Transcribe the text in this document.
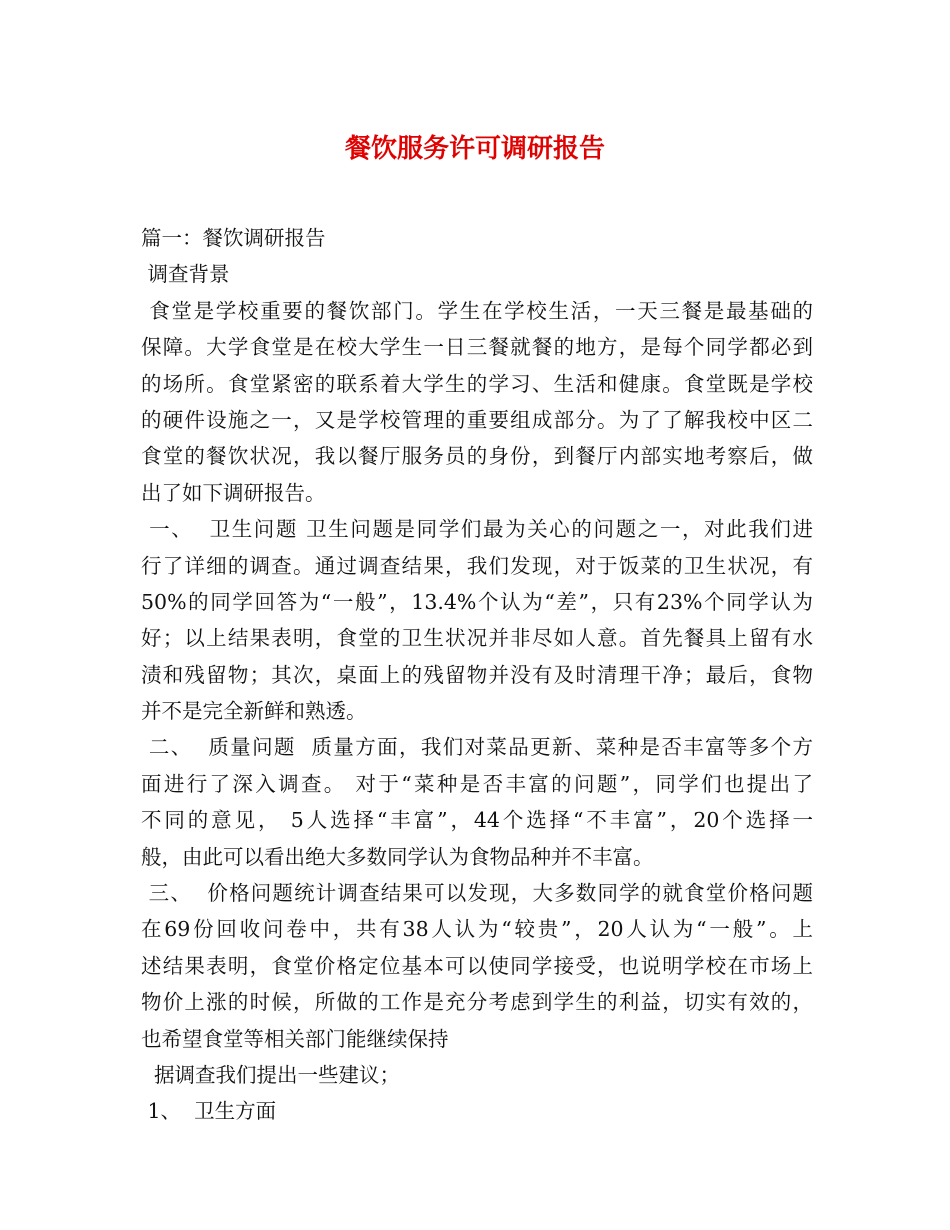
餐饮服务许可调研报告
篇一：餐饮调研报告
调查背景
食堂是学校重要的餐饮部门。学生在学校生活，一天三餐是最基础的
保障。大学食堂是在校大学生一日三餐就餐的地方，是每个同学都必到
的场所。食堂紧密的联系着大学生的学习、生活和健康。食堂既是学校
的硬件设施之一，又是学校管理的重要组成部分。为了了解我校中区二
食堂的餐饮状况，我以餐厅服务员的身份，到餐厅内部实地考察后，做
出了如下调研报告。
一、  卫生问题 卫生问题是同学们最为关心的问题之一，对此我们进
行了详细的调查。通过调查结果，我们发现，对于饭菜的卫生状况，有
50%的同学回答为“一般”，13.4%个认为“差”，只有23%个同学认为
好；以上结果表明，食堂的卫生状况并非尽如人意。首先餐具上留有水
渍和残留物；其次，桌面上的残留物并没有及时清理干净；最后，食物
并不是完全新鲜和熟透。
二、  质量问题  质量方面，我们对菜品更新、菜种是否丰富等多个方
面进行了深入调查。 对于“菜种是否丰富的问题”，同学们也提出了
不同的意见， 5人选择“丰富”，44个选择“不丰富”，20个选择一
般，由此可以看出绝大多数同学认为食物品种并不丰富。
三、  价格问题统计调查结果可以发现，大多数同学的就食堂价格问题
在69份回收问卷中，共有38人认为“较贵”，20人认为“一般”。上
述结果表明，食堂价格定位基本可以使同学接受，也说明学校在市场上
物价上涨的时候，所做的工作是充分考虑到学生的利益，切实有效的，
也希望食堂等相关部门能继续保持
据调查我们提出一些建议；
1、  卫生方面
